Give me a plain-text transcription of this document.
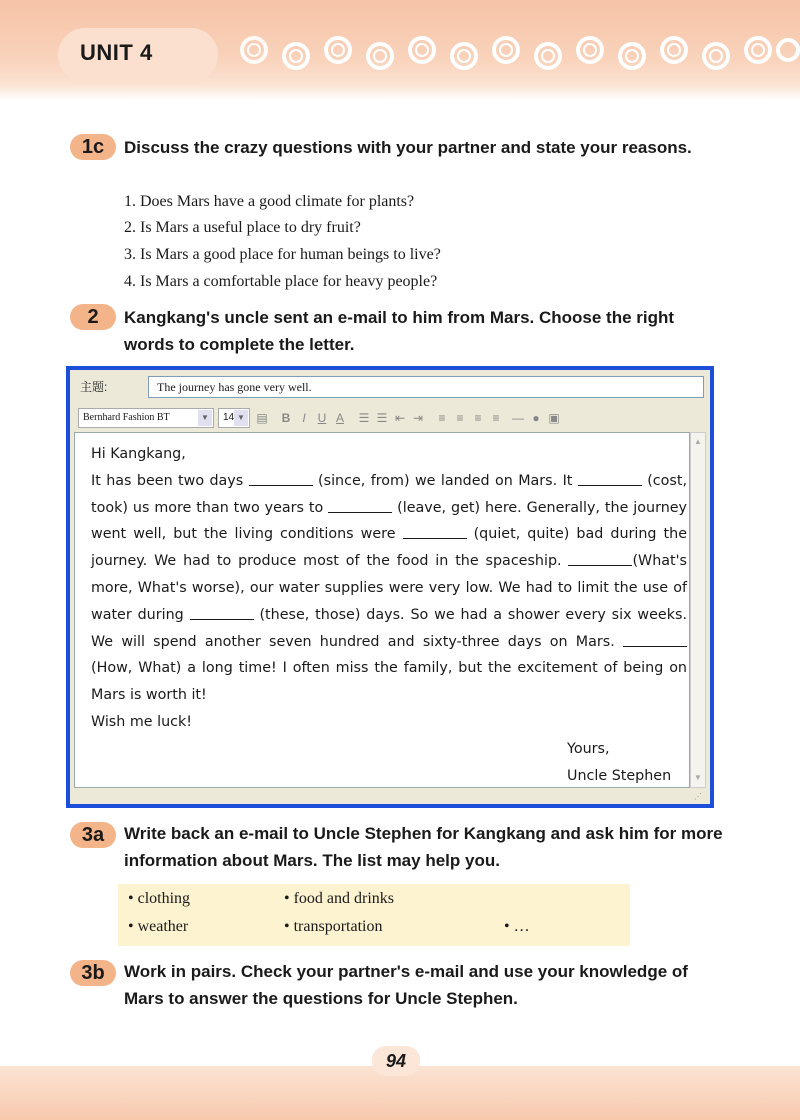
UNIT 4
1c	Discuss the crazy questions with your partner and state your reasons.
1. Does Mars have a good climate for plants?
2. Is Mars a useful place to dry fruit?
3. Is Mars a good place for human beings to live?
4. Is Mars a comfortable place for heavy people?
2	Kangkang's uncle sent an e-mail to him from Mars. Choose the right words to complete the letter.
主题:	The journey has gone very well.
Bernhard Fashion BT	▼	14 ▼ ▤	B	I U A	☰ ☰ ⇤ ⇥	≡ ≡ ≡ ≡	— ● ▣

Hi Kangkang,

It has been two days	(since, from) we landed on Mars. It	(cost, took) us more than two years to	(leave, get) here. Generally, the journey went well, but the living conditions were	(quiet, quite) bad during the journey. We had to produce most of the food in the spaceship.	(What's more, What's worse), our water supplies were very low. We had to limit the use of water during	(these, those) days. So we had a shower every six weeks. We will spend another seven hundred and sixty-three days on Mars.  (How, What) a long time! I often miss the family, but the excitement of being on Mars is worth it!

Wish me luck!

Yours,

Uncle Stephen

▲
▼
⋰
3a	Write back an e-mail to Uncle Stephen for Kangkang and ask him for more information about Mars. The list may help you.
• clothing	• food and drinks
• weather	• transportation	• …
3b	Work in pairs. Check your partner's e-mail and use your knowledge of Mars to answer the questions for Uncle Stephen.
94
